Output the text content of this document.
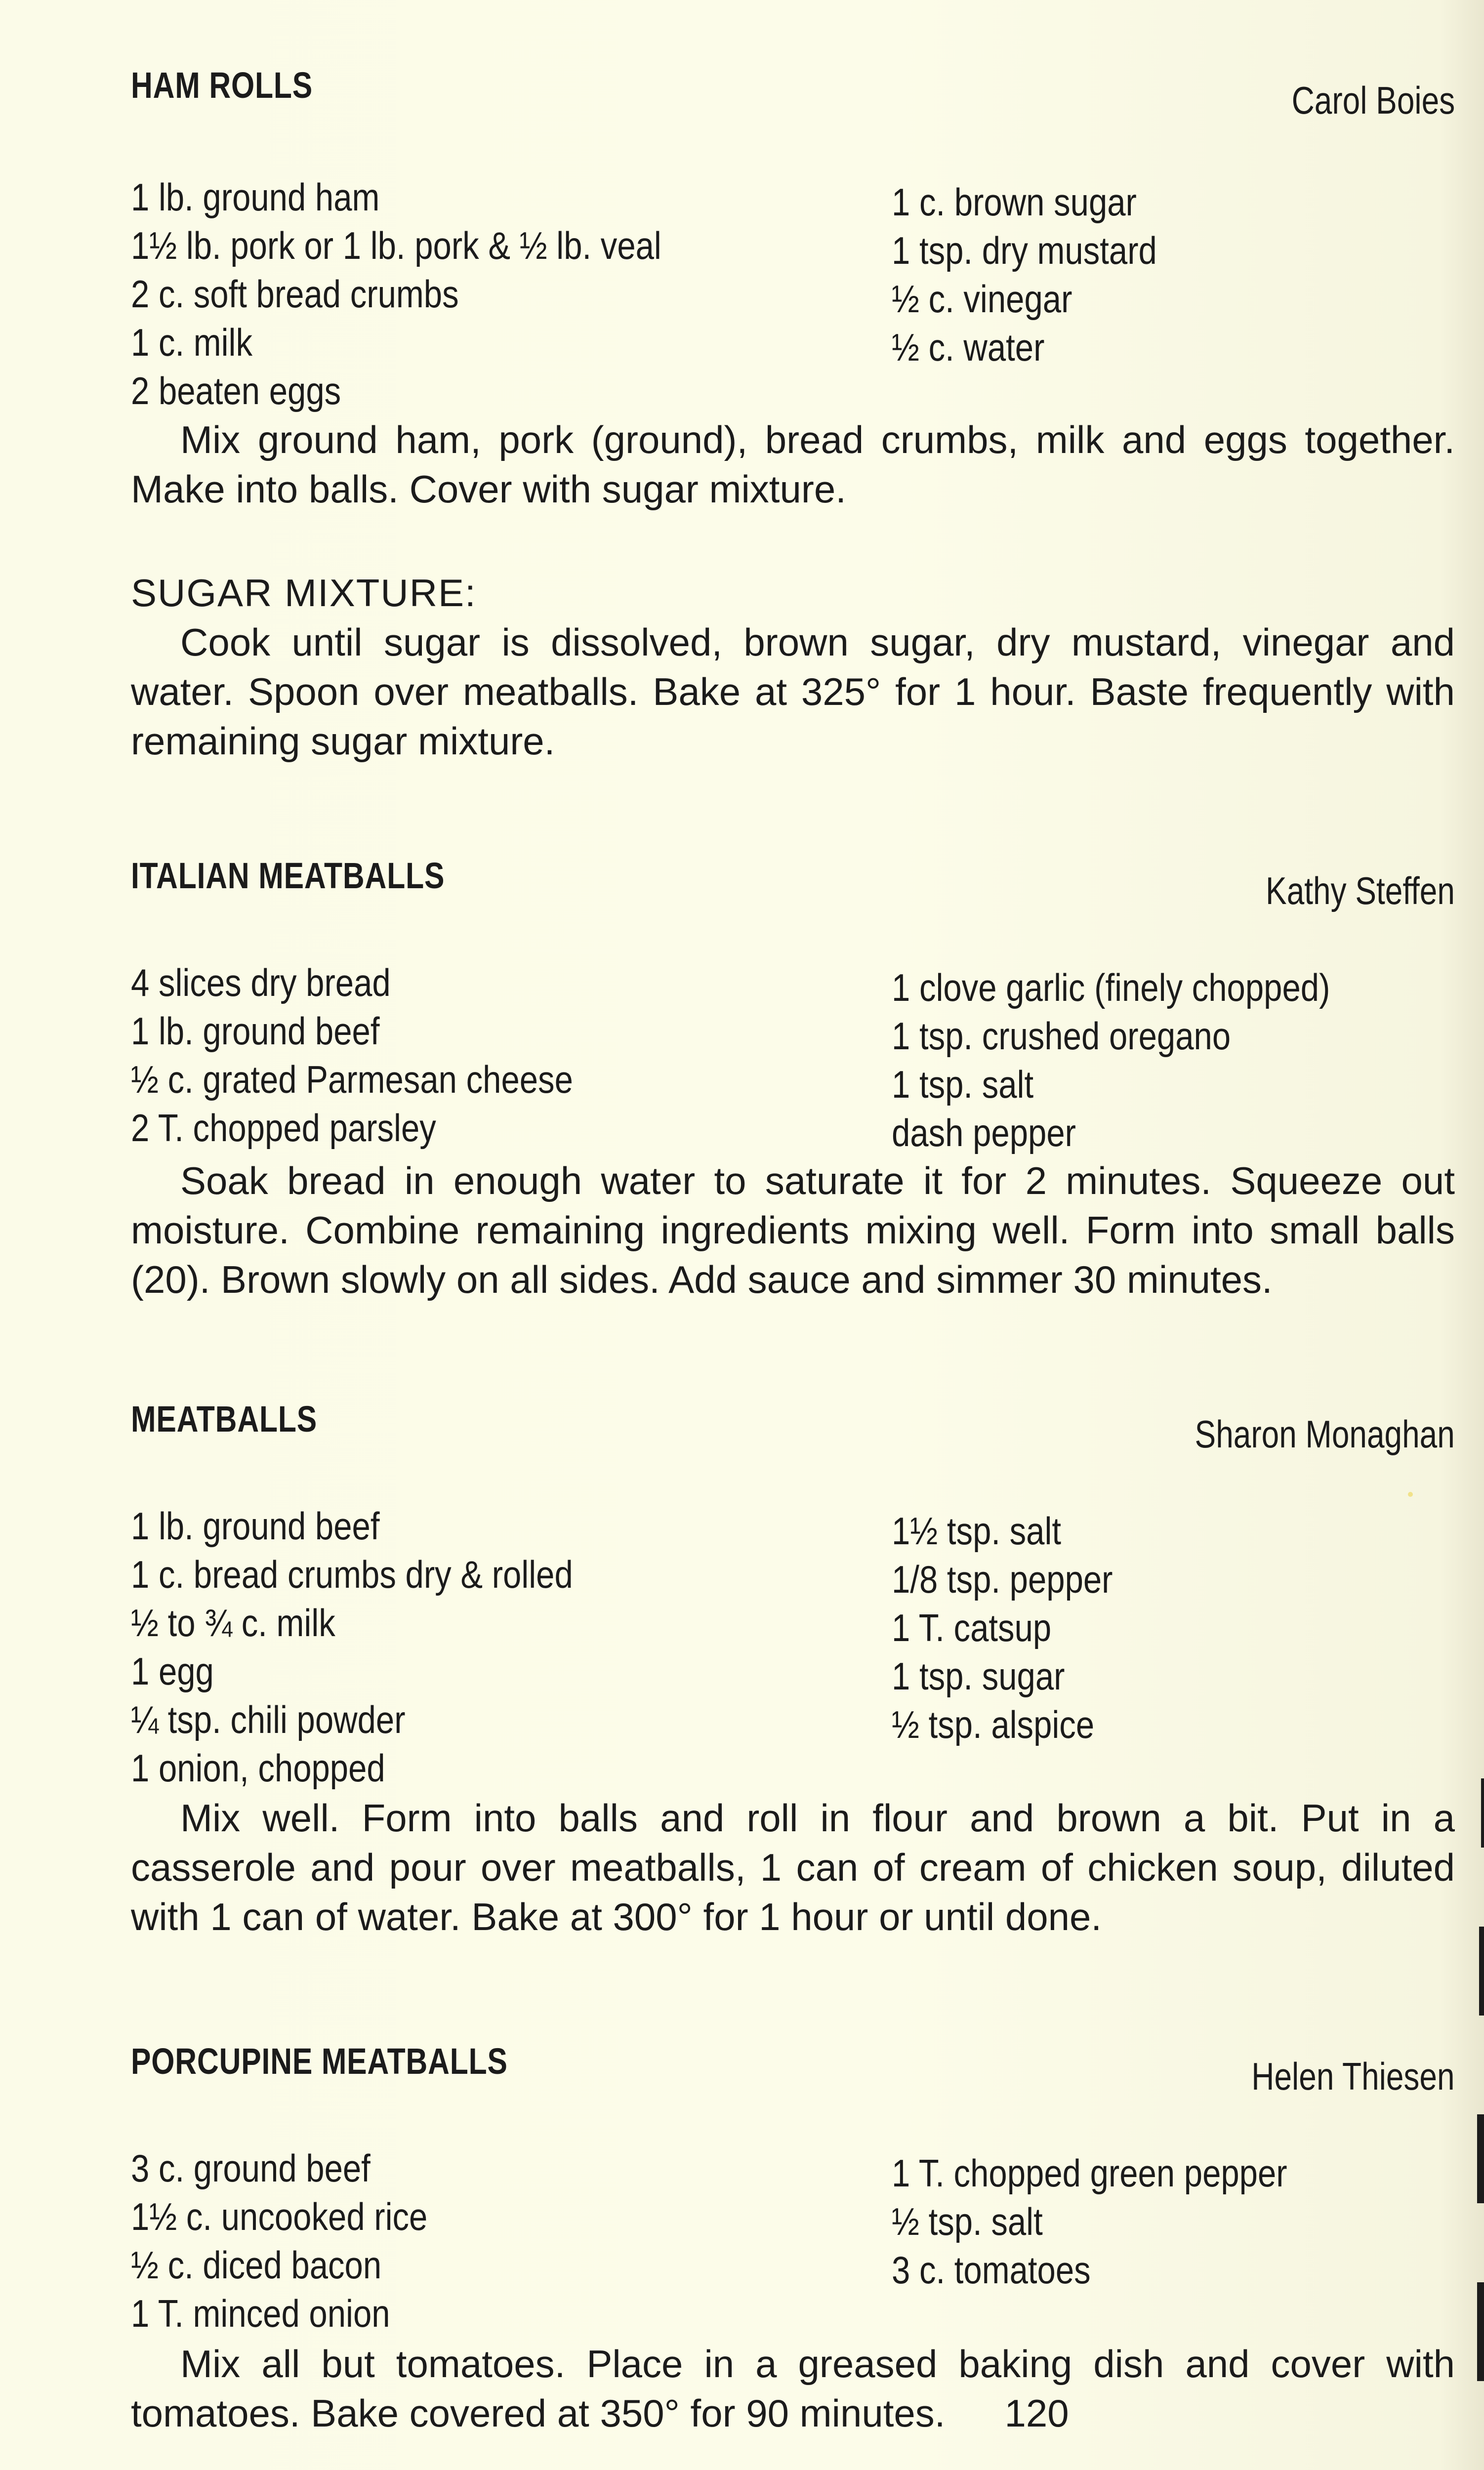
HAM ROLLS	Carol Boies
1 lb. ground ham
1½ lb. pork or 1 lb. pork & ½ lb. veal
2 c. soft bread crumbs
1 c. milk
2 beaten eggs
1 c. brown sugar
1 tsp. dry mustard
½ c. vinegar
½ c. water
Mix ground ham, pork (ground), bread crumbs, milk and eggs together. Make into balls. Cover with sugar mixture.
SUGAR MIXTURE:
Cook until sugar is dissolved, brown sugar, dry mustard, vinegar and water. Spoon over meatballs. Bake at 325° for 1 hour. Baste frequently with remaining sugar mixture.
ITALIAN MEATBALLS	Kathy Steffen
4 slices dry bread
1 lb. ground beef
½ c. grated Parmesan cheese
2 T. chopped parsley
1 clove garlic (finely chopped)
1 tsp. crushed oregano
1 tsp. salt
dash pepper
Soak bread in enough water to saturate it for 2 minutes. Squeeze out moisture. Combine remaining ingredients mixing well. Form into small balls (20). Brown slowly on all sides. Add sauce and simmer 30 minutes.
MEATBALLS	Sharon Monaghan
1 lb. ground beef
1 c. bread crumbs dry & rolled
½ to ¾ c. milk
1 egg
¼ tsp. chili powder
1 onion, chopped
1½ tsp. salt
1/8 tsp. pepper
1 T. catsup
1 tsp. sugar
½ tsp. alspice
Mix well. Form into balls and roll in flour and brown a bit. Put in a casserole and pour over meatballs, 1 can of cream of chicken soup, diluted with 1 can of water. Bake at 300° for 1 hour or until done.
PORCUPINE MEATBALLS	Helen Thiesen
3 c. ground beef
1½ c. uncooked rice
½ c. diced bacon
1 T. minced onion
1 T. chopped green pepper
½ tsp. salt
3 c. tomatoes
Mix all but tomatoes. Place in a greased baking dish and cover with tomatoes. Bake covered at 350° for 90 minutes. 120
